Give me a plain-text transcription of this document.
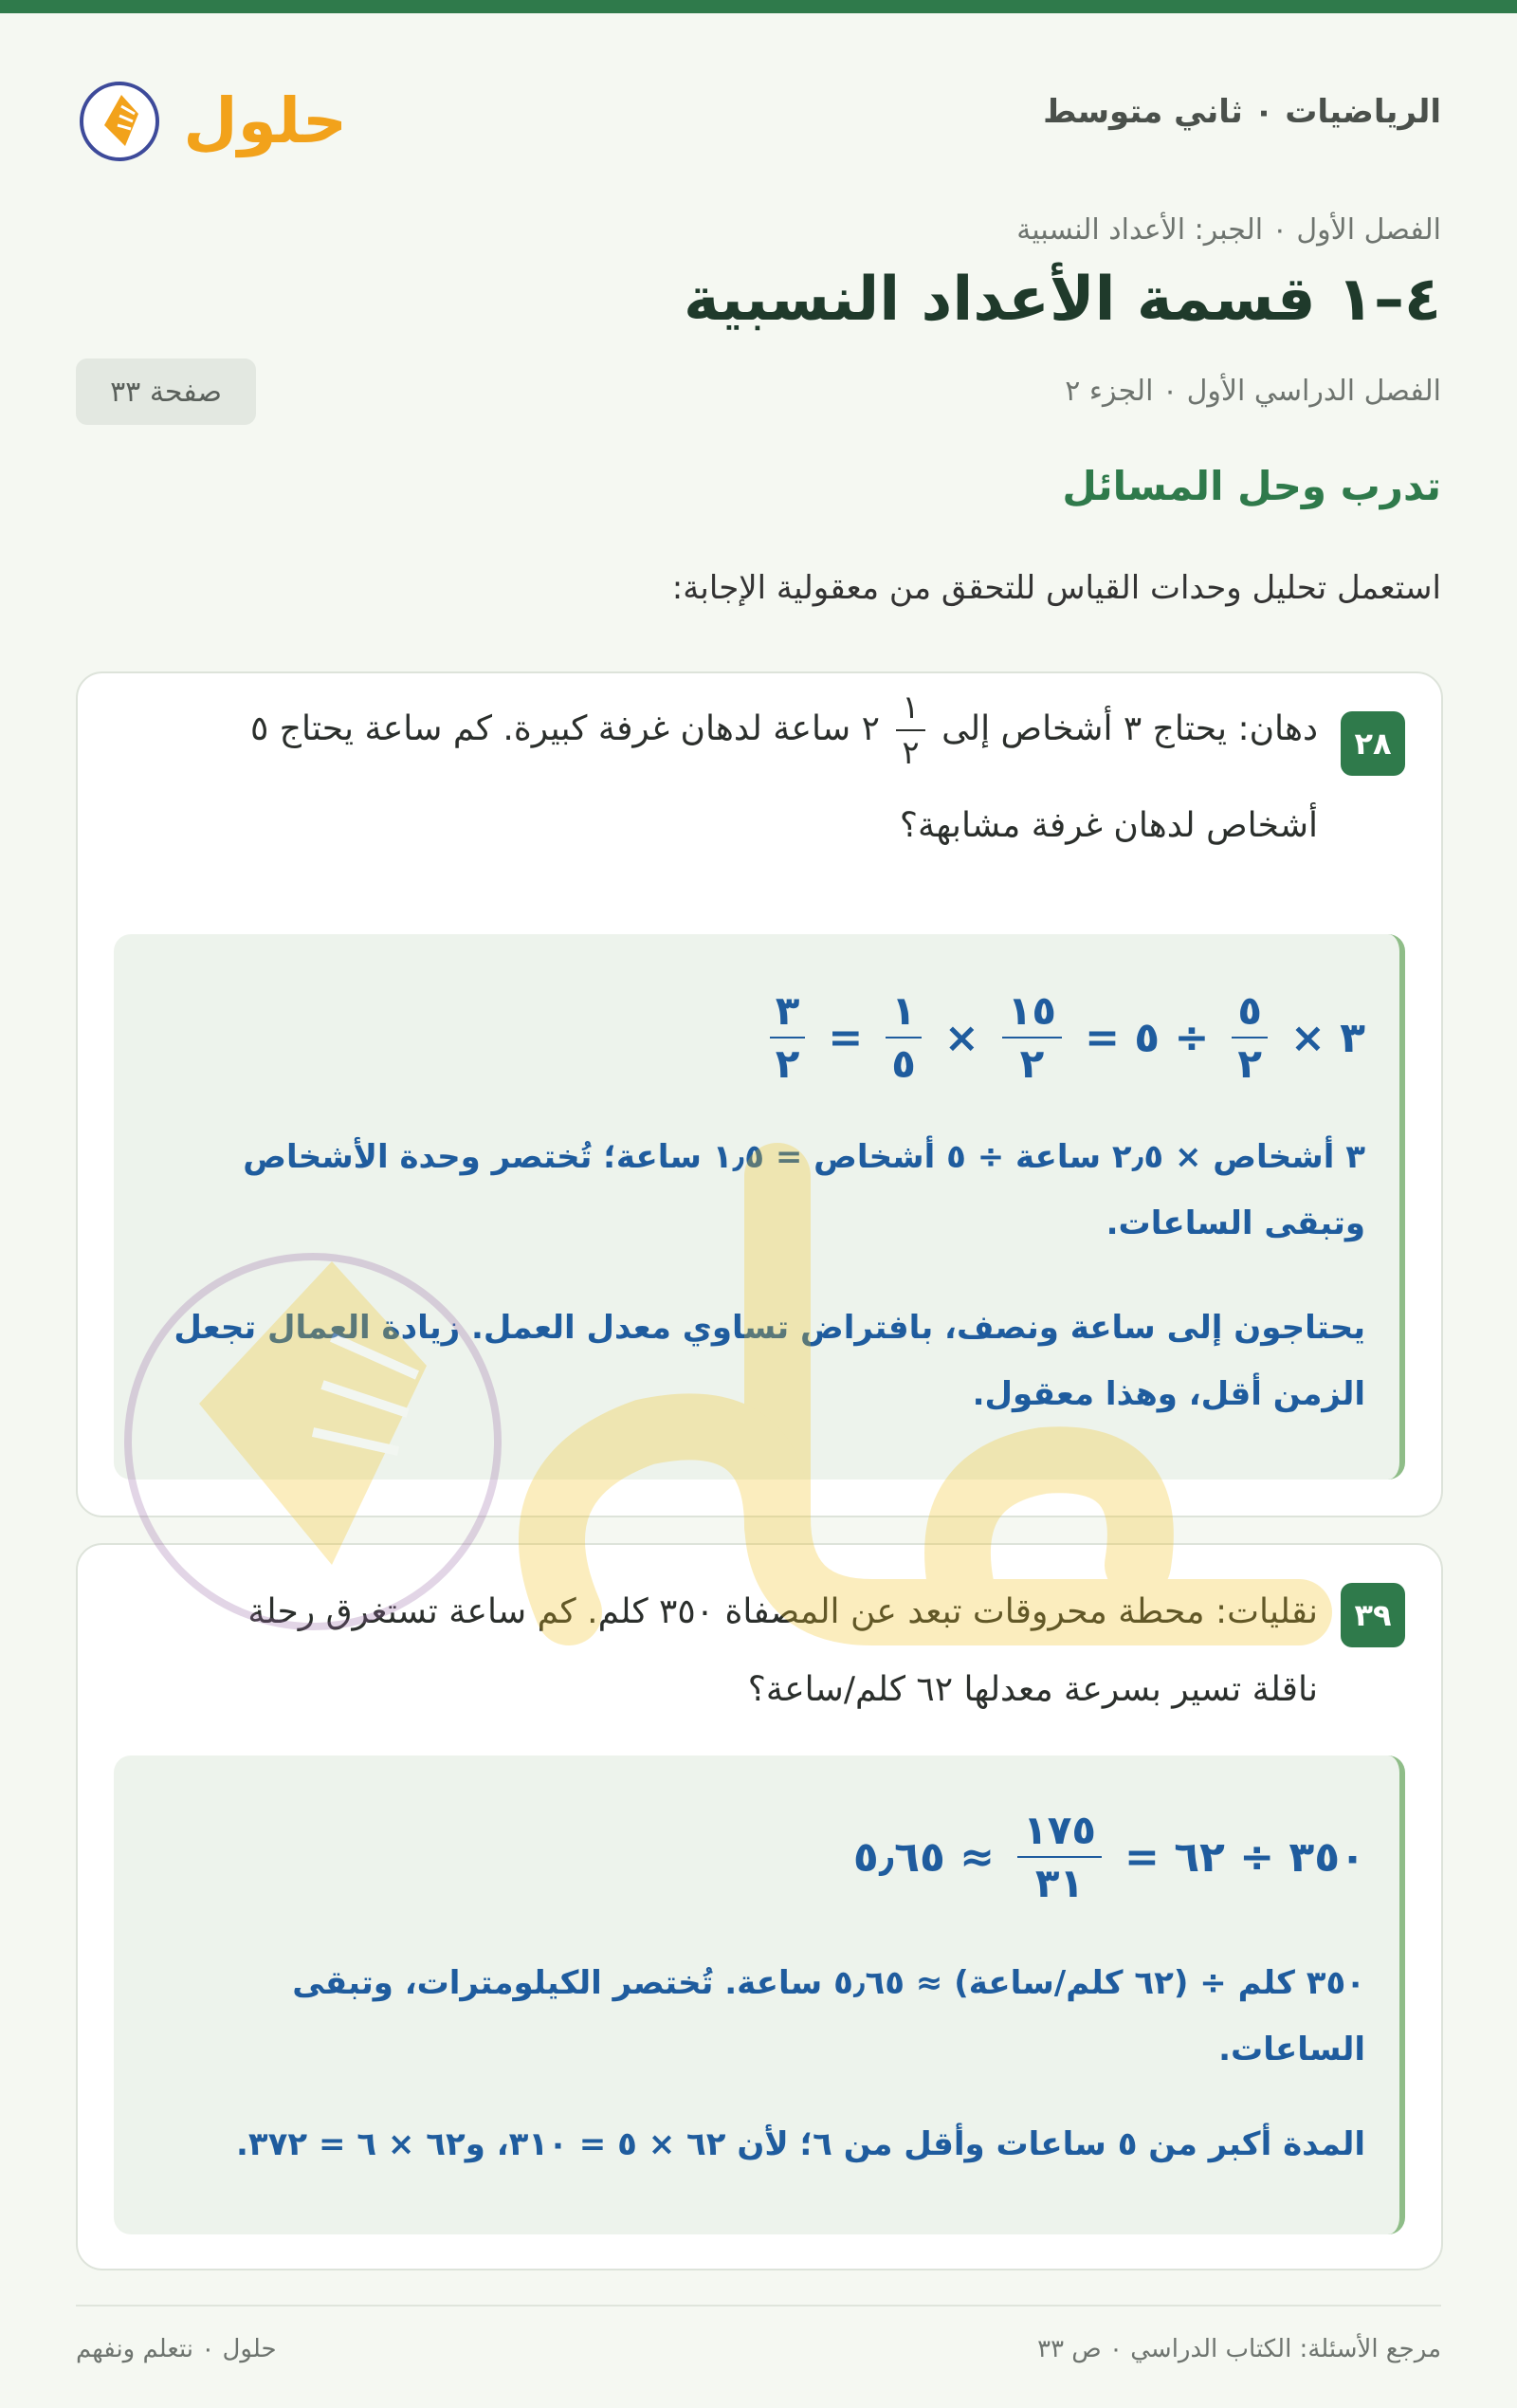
الرياضيات ٠ ثاني متوسط
حلول
الفصل الأول ٠ الجبر: الأعداد النسبية
٤–١ قسمة الأعداد النسبية
الفصل الدراسي الأول ٠ الجزء ٢
صفحة ٣٣
تدرب وحل المسائل
استعمل تحليل وحدات القياس للتحقق من معقولية الإجابة:
٢٨
دهان: يحتاج ٣ أشخاص إلى
$\frac{١}{٢}$
٢ ساعة لدهان غرفة كبيرة. كم ساعة يحتاج ٥ أشخاص لدهان غرفة مشابهة؟
٣ ×
$\frac{٥}{٢}$
÷ ٥ =
$\frac{١٥}{٢}$
×
$\frac{١}{٥}$
=
$\frac{٣}{٢}$
٣ أشخاص × ٢٫٥ ساعة ÷ ٥ أشخاص = ١٫٥ ساعة؛ تُختصر وحدة الأشخاص وتبقى الساعات.
يحتاجون إلى ساعة ونصف، بافتراض تساوي معدل العمل. زيادة العمال تجعل الزمن أقل، وهذا معقول.
٣٩
نقليات: محطة محروقات تبعد عن المصفاة ٣٥٠ كلم. كم ساعة تستغرق رحلة ناقلة تسير بسرعة معدلها ٦٢ كلم/ساعة؟
٣٥٠ ÷ ٦٢ =
$\frac{١٧٥}{٣١}$
≈ ٥٫٦٥
٣٥٠ كلم ÷ (٦٢ كلم/ساعة) ≈ ٥٫٦٥ ساعة. تُختصر الكيلومترات، وتبقى الساعات.
المدة أكبر من ٥ ساعات وأقل من ٦؛ لأن ٦٢ × ٥ = ٣١٠، و٦٢ × ٦ = ٣٧٢.
مرجع الأسئلة: الكتاب الدراسي ٠ ص ٣٣
حلول ٠ نتعلم ونفهم
